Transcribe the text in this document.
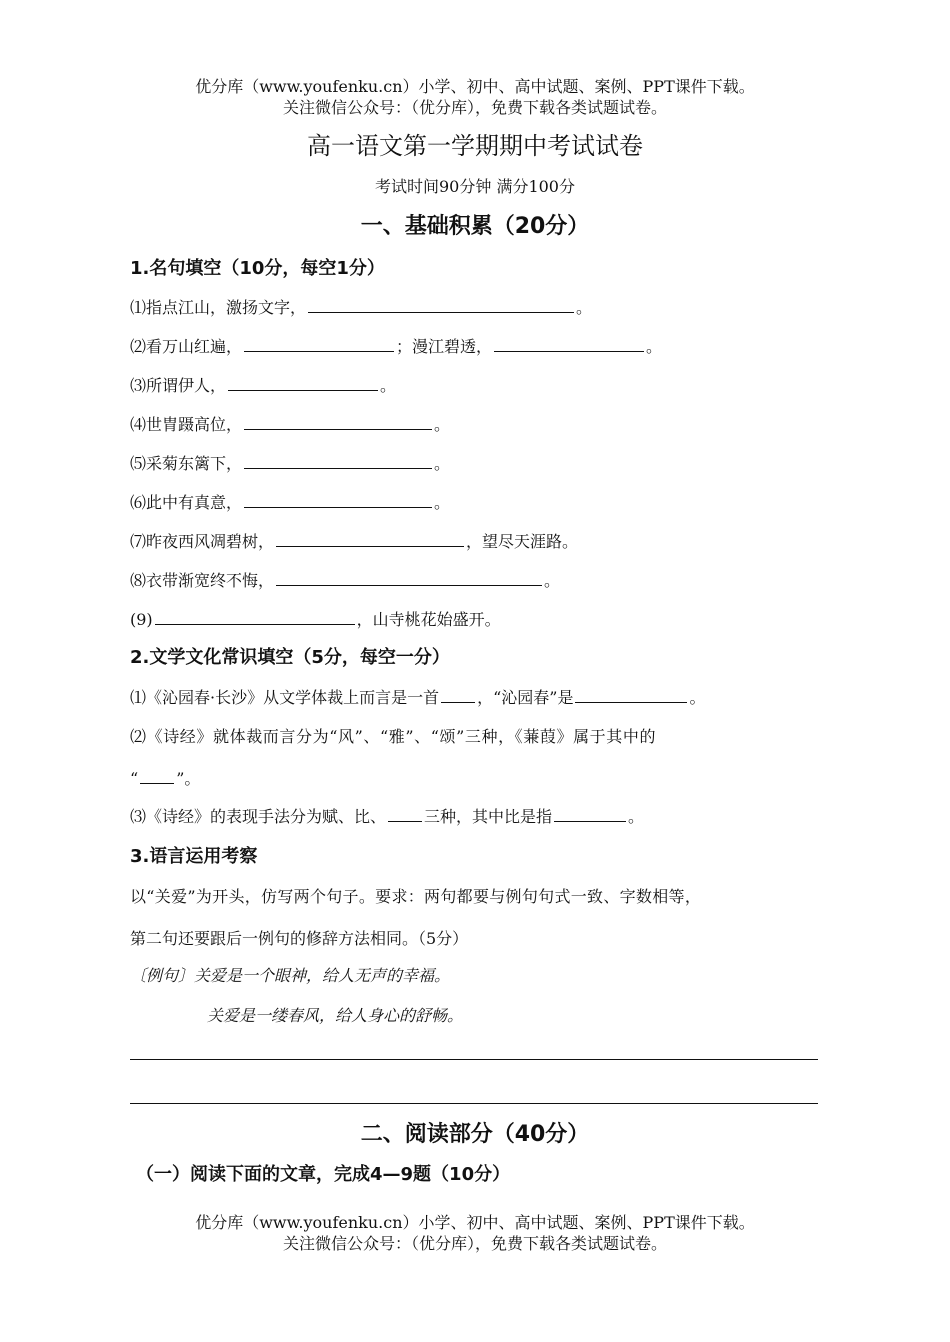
优分库（www.youfenku.cn）小学、初中、高中试题、案例、PPT课件下载。
关注微信公众号：（优分库），免费下载各类试题试卷。
高一语文第一学期期中考试试卷
考试时间90分钟 满分100分
一、基础积累（20分）
1.名句填空（10分，每空1分）
⑴指点江山，激扬文字，	。
⑵看万山红遍，	；漫江碧透，	。
⑶所谓伊人，	。
⑷世胄蹑高位，	。
⑸采菊东篱下，	。
⑹此中有真意，	。
⑺昨夜西风凋碧树，	，望尽天涯路。
⑻衣带渐宽终不悔，	。
(9)	，山寺桃花始盛开。
2.文学文化常识填空（5分，每空一分）
⑴《沁园春·长沙》从文学体裁上而言是一首 ，“沁园春”是	。
⑵《诗经》就体裁而言分为“风”、“雅”、“颂”三种，《蒹葭》属于其中的
“ ”。
⑶《诗经》的表现手法分为赋、比、 三种，其中比是指	。
3.语言运用考察
以“关爱”为开头，仿写两个句子。要求：两句都要与例句句式一致、字数相等，
第二句还要跟后一例句的修辞方法相同。（5分）
〔例句〕关爱是一个眼神，给人无声的幸福。
关爱是一缕春风，给人身心的舒畅。
二、阅读部分（40分）
（一）阅读下面的文章，完成4—9题（10分）
优分库（www.youfenku.cn）小学、初中、高中试题、案例、PPT课件下载。
关注微信公众号：（优分库），免费下载各类试题试卷。
